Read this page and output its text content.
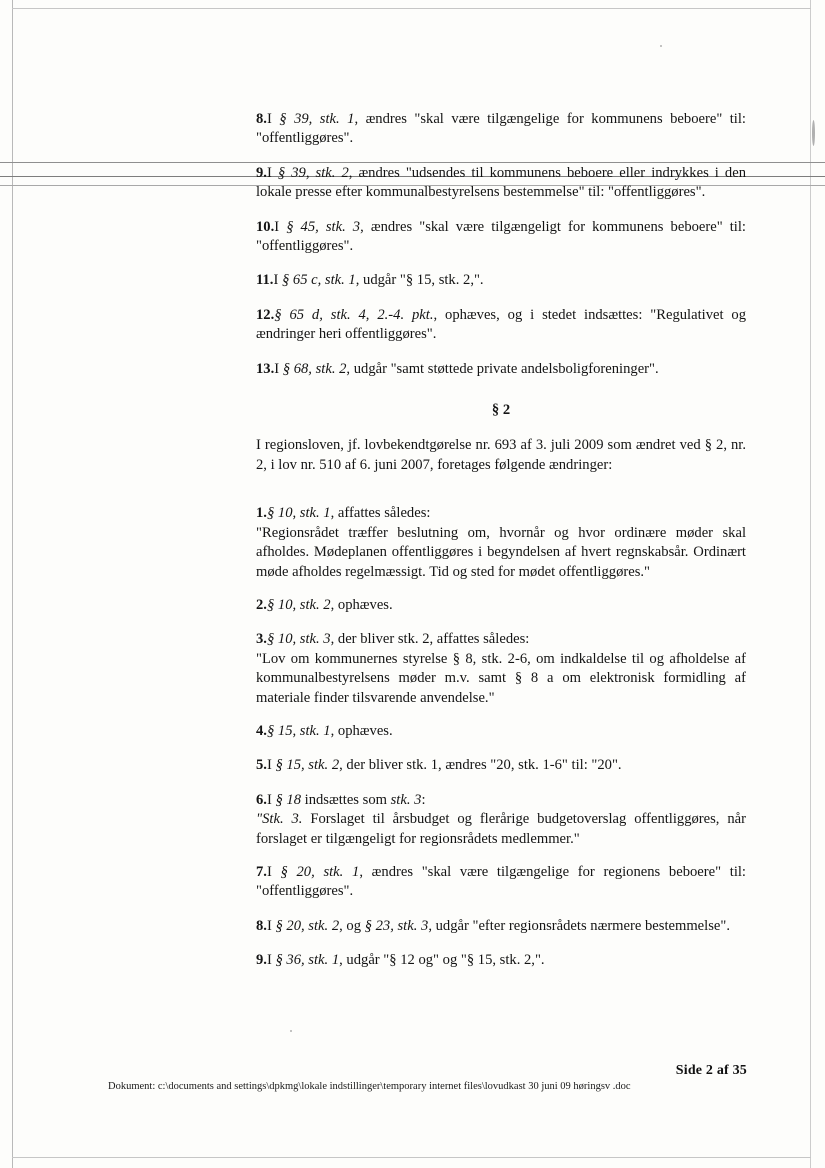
8.I § 39, stk. 1, ændres "skal være tilgængelige for kommunens beboere" til: "offentliggøres".

9.I § 39, stk. 2, ændres "udsendes til kommunens beboere eller indrykkes i den lokale presse efter kommunalbestyrelsens bestemmelse" til: "offentliggøres".

10.I § 45, stk. 3, ændres "skal være tilgængeligt for kommunens beboere" til: "offentliggøres".

11.I § 65 c, stk. 1, udgår "§ 15, stk. 2,".

12.§ 65 d, stk. 4, 2.-4. pkt., ophæves, og i stedet indsættes: "Regulativet og ændringer heri offentliggøres".

13.I § 68, stk. 2, udgår "samt støttede private andelsboligforeninger".

§ 2

I regionsloven, jf. lovbekendtgørelse nr. 693 af 3. juli 2009 som ændret ved § 2, nr. 2, i lov nr. 510 af 6. juni 2007, foretages følgende ændringer:

1.§ 10, stk. 1, affattes således:
"Regionsrådet træffer beslutning om, hvornår og hvor ordinære møder skal afholdes. Mødeplanen offentliggøres i begyndelsen af hvert regnskabsår. Ordinært møde afholdes regelmæssigt. Tid og sted for mødet offentliggøres."

2.§ 10, stk. 2, ophæves.

3.§ 10, stk. 3, der bliver stk. 2, affattes således:
"Lov om kommunernes styrelse § 8, stk. 2-6, om indkaldelse til og afholdelse af kommunalbestyrelsens møder m.v. samt § 8 a om elektronisk formidling af materiale finder tilsvarende anvendelse."

4.§ 15, stk. 1, ophæves.

5.I § 15, stk. 2, der bliver stk. 1, ændres "20, stk. 1-6" til: "20".

6.I § 18 indsættes som stk. 3:
"Stk. 3. Forslaget til årsbudget og flerårige budgetoverslag offentliggøres, når forslaget er tilgængeligt for regionsrådets medlemmer."

7.I § 20, stk. 1, ændres "skal være tilgængelige for regionens beboere" til: "offentliggøres".

8.I § 20, stk. 2, og § 23, stk. 3, udgår "efter regionsrådets nærmere bestemmelse".

9.I § 36, stk. 1, udgår "§ 12 og" og "§ 15, stk. 2,".

Side 2 af 35
Dokument: c:\documents and settings\dpkmg\lokale indstillinger\temporary internet files\lovudkast 30 juni 09 høringsv .doc
